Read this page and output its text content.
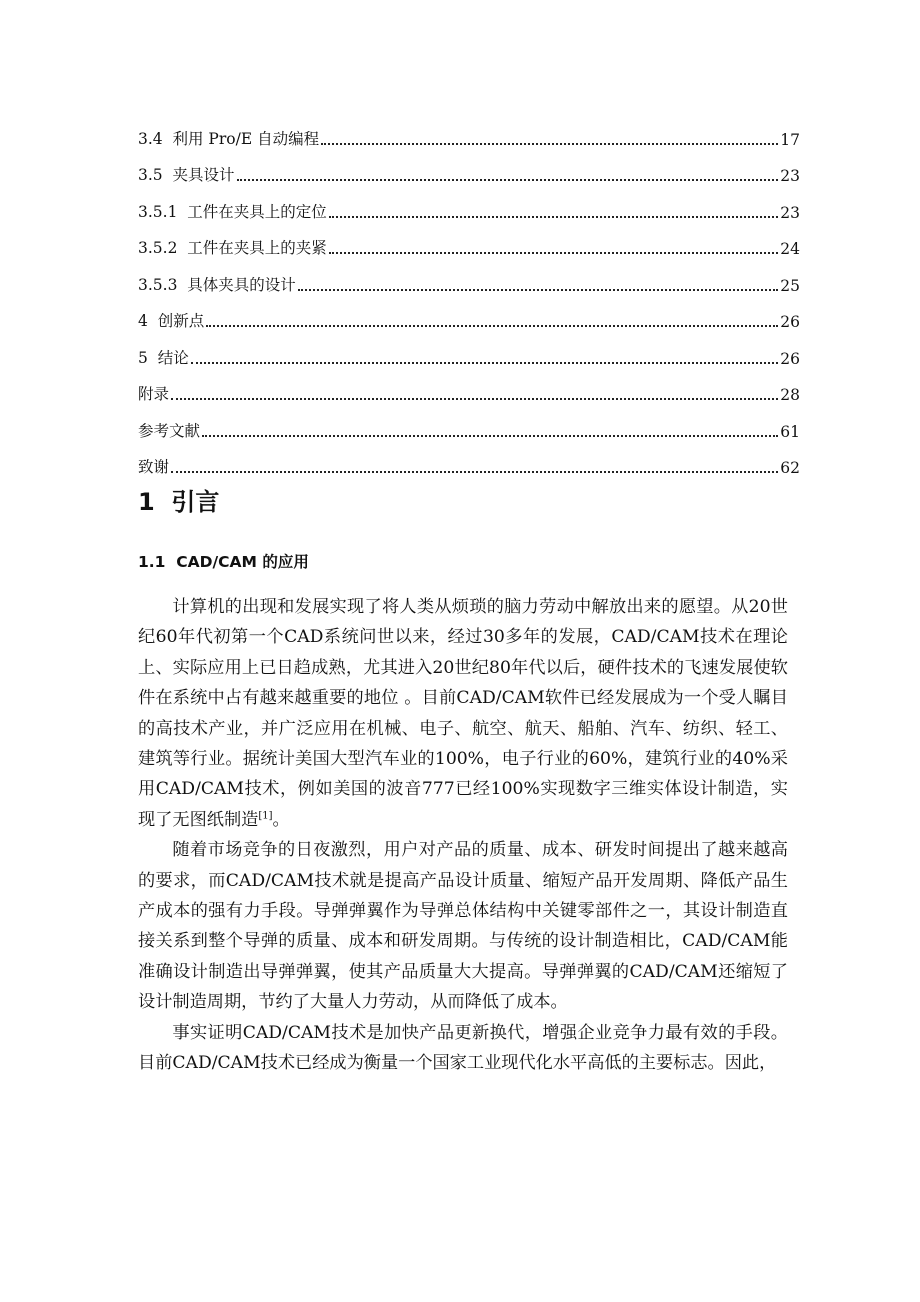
3.4  利用 Pro/E 自动编程	17
3.5  夹具设计	23
3.5.1  工件在夹具上的定位	23
3.5.2  工件在夹具上的夹紧	24
3.5.3  具体夹具的设计	25
4  创新点	26
5  结论	26
附录	28
参考文献	61
致谢	62
1  引言
1.1  CAD/CAM 的应用

计算机的出现和发展实现了将人类从烦琐的脑力劳动中解放出来的愿望。从20世纪60年代初第一个CAD系统问世以来，经过30多年的发展，CAD/CAM技术在理论上、实际应用上已日趋成熟，尤其进入20世纪80年代以后，硬件技术的飞速发展使软件在系统中占有越来越重要的地位 。目前CAD/CAM软件已经发展成为一个受人瞩目的高技术产业，并广泛应用在机械、电子、航空、航天、船舶、汽车、纺织、轻工、建筑等行业。据统计美国大型汽车业的100%，电子行业的60%，建筑行业的40%采用CAD/CAM技术，例如美国的波音777已经100%实现数字三维实体设计制造，实现了无图纸制造[1]。

随着市场竞争的日夜激烈，用户对产品的质量、成本、研发时间提出了越来越高的要求，而CAD/CAM技术就是提高产品设计质量、缩短产品开发周期、降低产品生产成本的强有力手段。导弹弹翼作为导弹总体结构中关键零部件之一，其设计制造直接关系到整个导弹的质量、成本和研发周期。与传统的设计制造相比，CAD/CAM能准确设计制造出导弹弹翼，使其产品质量大大提高。导弹弹翼的CAD/CAM还缩短了设计制造周期，节约了大量人力劳动，从而降低了成本。

事实证明CAD/CAM技术是加快产品更新换代，增强企业竞争力最有效的手段。 目前CAD/CAM技术已经成为衡量一个国家工业现代化水平高低的主要标志。因此，
